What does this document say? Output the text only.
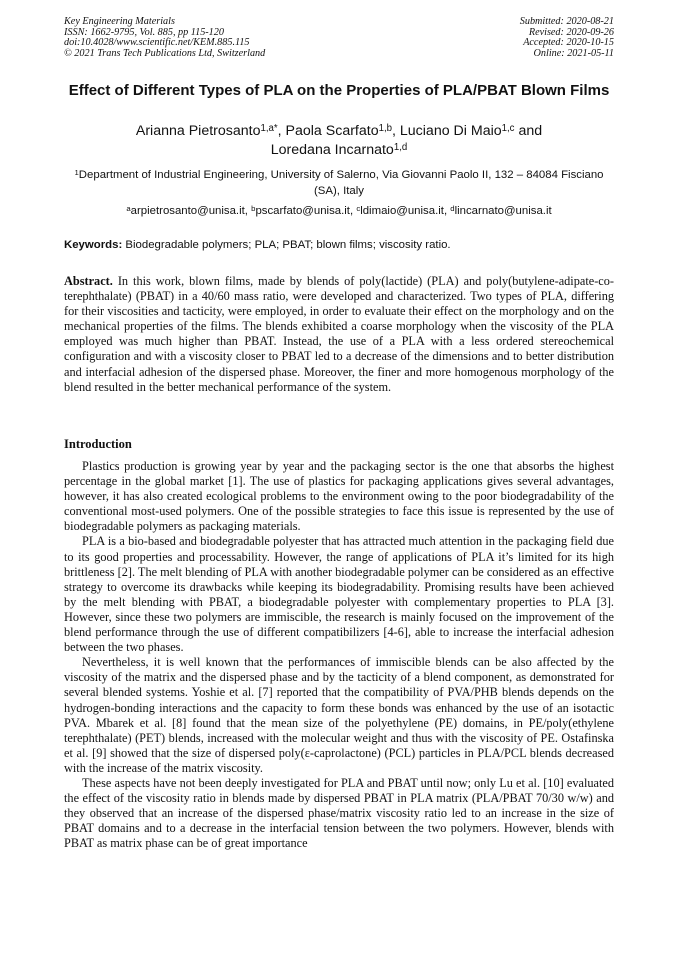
Key Engineering Materials
ISSN: 1662-9795, Vol. 885, pp 115-120
doi:10.4028/www.scientific.net/KEM.885.115
© 2021 Trans Tech Publications Ltd, Switzerland
Submitted: 2020-08-21
Revised: 2020-09-26
Accepted: 2020-10-15
Online: 2021-05-11
Effect of Different Types of PLA on the Properties of PLA/PBAT Blown Films
Arianna Pietrosanto$^{1,a*}$, Paola Scarfato$^{1,b}$, Luciano Di Maio$^{1,c}$ and
Loredana Incarnato$^{1,d}$
$^1$Department of Industrial Engineering, University of Salerno, Via Giovanni Paolo II, 132 – 84084 Fisciano (SA), Italy
$^a$arpietrosanto@unisa.it, $^b$pscarfato@unisa.it, $^c$ldimaio@unisa.it, $^d$lincarnato@unisa.it
Keywords: Biodegradable polymers; PLA; PBAT; blown films; viscosity ratio.
Abstract. In this work, blown films, made by blends of poly(lactide) (PLA) and poly(butylene-adipate-co-terephthalate) (PBAT) in a 40/60 mass ratio, were developed and characterized. Two types of PLA, differing for their viscosities and tacticity, were employed, in order to evaluate their effect on the morphology and on the mechanical properties of the films. The blends exhibited a coarse morphology when the viscosity of the PLA employed was much higher than PBAT. Instead, the use of a PLA with a less ordered stereochemical configuration and with a viscosity closer to PBAT led to a decrease of the dimensions and to better distribution and interfacial adhesion of the dispersed phase. Moreover, the finer and more homogenous morphology of the blend resulted in the better mechanical performance of the system.
Introduction

Plastics production is growing year by year and the packaging sector is the one that absorbs the highest percentage in the global market [1]. The use of plastics for packaging applications gives several advantages, however, it has also created ecological problems to the environment owing to the poor biodegradability of the conventional most-used polymers. One of the possible strategies to face this issue is represented by the use of biodegradable polymers as packaging materials.

PLA is a bio-based and biodegradable polyester that has attracted much attention in the packaging field due to its good properties and processability. However, the range of applications of PLA it’s limited for its high brittleness [2]. The melt blending of PLA with another biodegradable polymer can be considered as an effective strategy to overcome its drawbacks while keeping its biodegradability. Promising results have been achieved by the melt blending with PBAT, a biodegradable polyester with complementary properties to PLA [3]. However, since these two polymers are immiscible, the research is mainly focused on the improvement of the blend performance through the use of different compatibilizers [4-6], able to increase the interfacial adhesion between the two phases.

Nevertheless, it is well known that the performances of immiscible blends can be also affected by the viscosity of the matrix and the dispersed phase and by the tacticity of a blend component, as demonstrated for several blended systems. Yoshie et al. [7] reported that the compatibility of PVA/PHB blends depends on the hydrogen-bonding interactions and the capacity to form these bonds was enhanced by the use of an isotactic PVA. Mbarek et al. [8] found that the mean size of the polyethylene (PE) domains, in PE/poly(ethylene terephthalate) (PET) blends, increased with the molecular weight and thus with the viscosity of PE. Ostafinska et al. [9] showed that the size of dispersed poly(ε-caprolactone) (PCL) particles in PLA/PCL blends decreased with the increase of the matrix viscosity.

These aspects have not been deeply investigated for PLA and PBAT until now; only Lu et al. [10] evaluated the effect of the viscosity ratio in blends made by dispersed PBAT in PLA matrix (PLA/PBAT 70/30 w/w) and they observed that an increase of the dispersed phase/matrix viscosity ratio led to an increase in the size of PBAT domains and to a decrease in the interfacial tension between the two polymers. However, blends with PBAT as matrix phase can be of great importance
